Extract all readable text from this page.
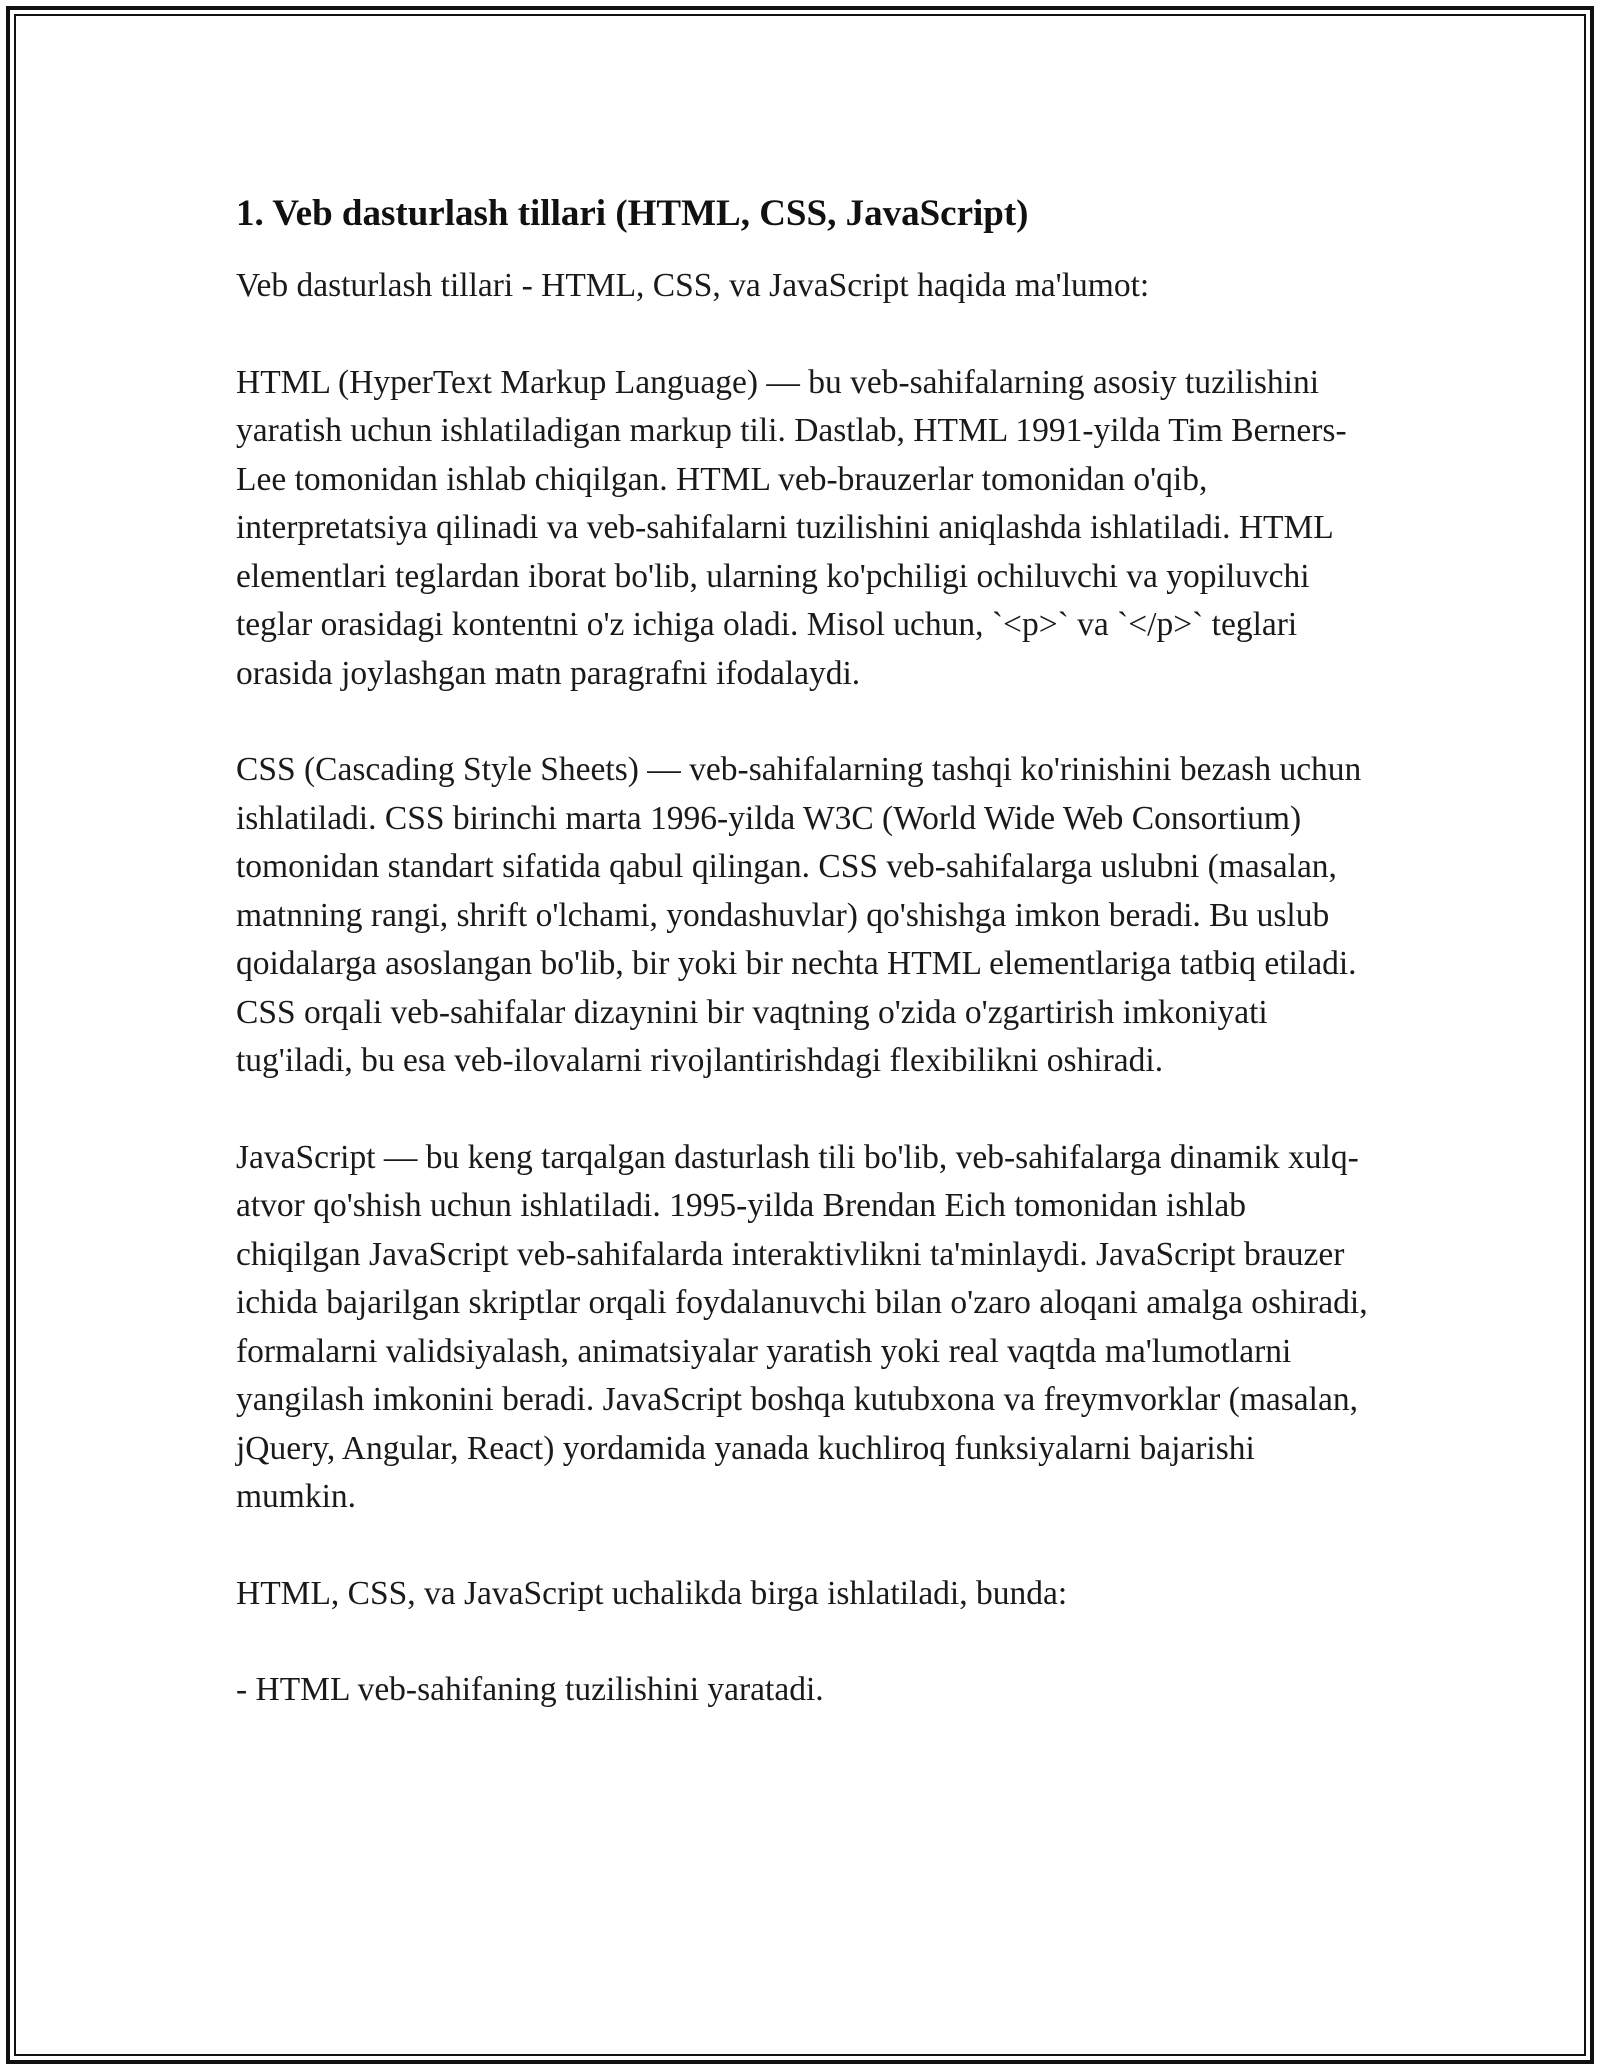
1. Veb dasturlash tillari (HTML, CSS, JavaScript)

Veb dasturlash tillari - HTML, CSS, va JavaScript haqida ma'lumot:

HTML (HyperText Markup Language) — bu veb-sahifalarning asosiy tuzilishini yaratish uchun ishlatiladigan markup tili. Dastlab, HTML 1991-yilda Tim Berners-Lee tomonidan ishlab chiqilgan. HTML veb-brauzerlar tomonidan o'qib, interpretatsiya qilinadi va veb-sahifalarni tuzilishini aniqlashda ishlatiladi. HTML elementlari teglardan iborat bo'lib, ularning ko'pchiligi ochiluvchi va yopiluvchi teglar orasidagi kontentni o'z ichiga oladi. Misol uchun, `<p>` va `</p>` teglari orasida joylashgan matn paragrafni ifodalaydi.

CSS (Cascading Style Sheets) — veb-sahifalarning tashqi ko'rinishini bezash uchun ishlatiladi. CSS birinchi marta 1996-yilda W3C (World Wide Web Consortium) tomonidan standart sifatida qabul qilingan. CSS veb-sahifalarga uslubni (masalan, matnning rangi, shrift o'lchami, yondashuvlar) qo'shishga imkon beradi. Bu uslub qoidalarga asoslangan bo'lib, bir yoki bir nechta HTML elementlariga tatbiq etiladi. CSS orqali veb-sahifalar dizaynini bir vaqtning o'zida o'zgartirish imkoniyati tug'iladi, bu esa veb-ilovalarni rivojlantirishdagi flexibilikni oshiradi.

JavaScript — bu keng tarqalgan dasturlash tili bo'lib, veb-sahifalarga dinamik xulq-atvor qo'shish uchun ishlatiladi. 1995-yilda Brendan Eich tomonidan ishlab chiqilgan JavaScript veb-sahifalarda interaktivlikni ta'minlaydi. JavaScript brauzer ichida bajarilgan skriptlar orqali foydalanuvchi bilan o'zaro aloqani amalga oshiradi, formalarni validsiyalash, animatsiyalar yaratish yoki real vaqtda ma'lumotlarni yangilash imkonini beradi. JavaScript boshqa kutubxona va freymvorklar (masalan, jQuery, Angular, React) yordamida yanada kuchliroq funksiyalarni bajarishi mumkin.

HTML, CSS, va JavaScript uchalikda birga ishlatiladi, bunda:

- HTML veb-sahifaning tuzilishini yaratadi.
